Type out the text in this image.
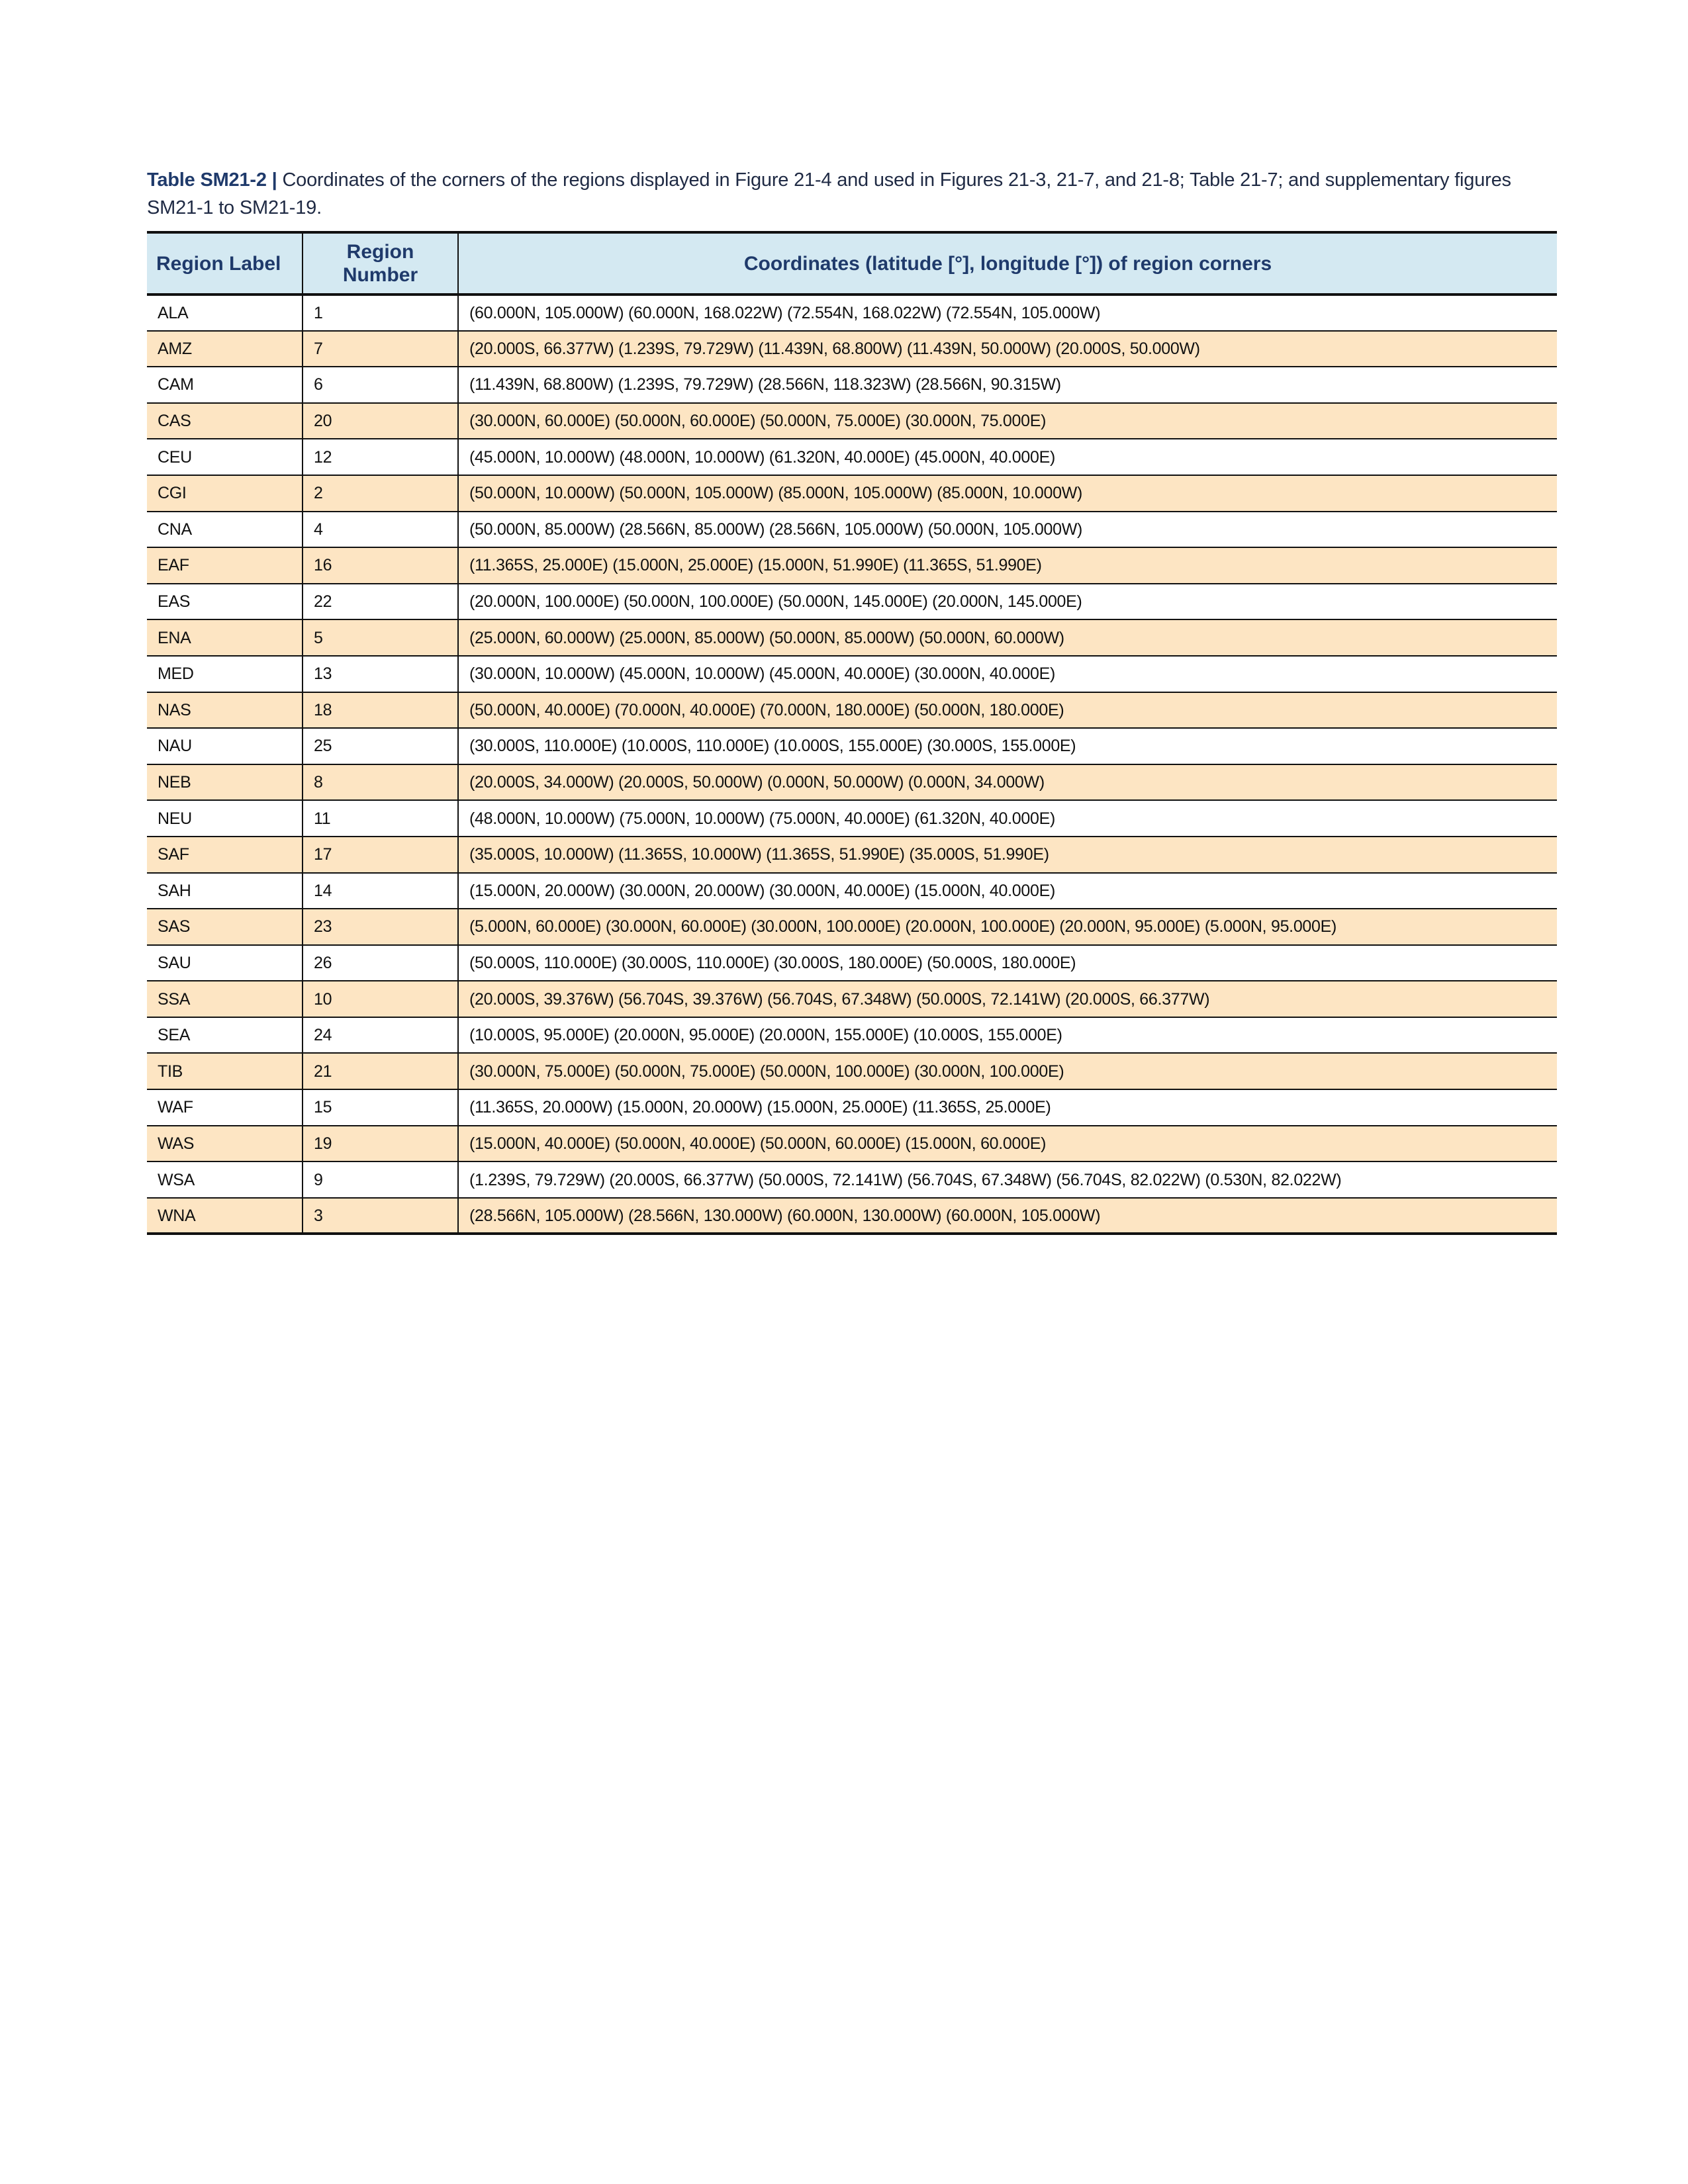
Table SM21-2 | Coordinates of the corners of the regions displayed in Figure 21-4 and used in Figures 21-3, 21-7, and 21-8; Table 21-7; and supplementary figures SM21-1 to SM21-19.

Region Label	Region Number	Coordinates (latitude [°], longitude [°]) of region corners
ALA	1	(60.000N, 105.000W) (60.000N, 168.022W) (72.554N, 168.022W) (72.554N, 105.000W)
AMZ	7	(20.000S, 66.377W) (1.239S, 79.729W) (11.439N, 68.800W) (11.439N, 50.000W) (20.000S, 50.000W)
CAM	6	(11.439N, 68.800W) (1.239S, 79.729W) (28.566N, 118.323W) (28.566N, 90.315W)
CAS	20	(30.000N, 60.000E) (50.000N, 60.000E) (50.000N, 75.000E) (30.000N, 75.000E)
CEU	12	(45.000N, 10.000W) (48.000N, 10.000W) (61.320N, 40.000E) (45.000N, 40.000E)
CGI	2	(50.000N, 10.000W) (50.000N, 105.000W) (85.000N, 105.000W) (85.000N, 10.000W)
CNA	4	(50.000N, 85.000W) (28.566N, 85.000W) (28.566N, 105.000W) (50.000N, 105.000W)
EAF	16	(11.365S, 25.000E) (15.000N, 25.000E) (15.000N, 51.990E) (11.365S, 51.990E)
EAS	22	(20.000N, 100.000E) (50.000N, 100.000E) (50.000N, 145.000E) (20.000N, 145.000E)
ENA	5	(25.000N, 60.000W) (25.000N, 85.000W) (50.000N, 85.000W) (50.000N, 60.000W)
MED	13	(30.000N, 10.000W) (45.000N, 10.000W) (45.000N, 40.000E) (30.000N, 40.000E)
NAS	18	(50.000N, 40.000E) (70.000N, 40.000E) (70.000N, 180.000E) (50.000N, 180.000E)
NAU	25	(30.000S, 110.000E) (10.000S, 110.000E) (10.000S, 155.000E) (30.000S, 155.000E)
NEB	8	(20.000S, 34.000W) (20.000S, 50.000W) (0.000N, 50.000W) (0.000N, 34.000W)
NEU	11	(48.000N, 10.000W) (75.000N, 10.000W) (75.000N, 40.000E) (61.320N, 40.000E)
SAF	17	(35.000S, 10.000W) (11.365S, 10.000W) (11.365S, 51.990E) (35.000S, 51.990E)
SAH	14	(15.000N, 20.000W) (30.000N, 20.000W) (30.000N, 40.000E) (15.000N, 40.000E)
SAS	23	(5.000N, 60.000E) (30.000N, 60.000E) (30.000N, 100.000E) (20.000N, 100.000E) (20.000N, 95.000E) (5.000N, 95.000E)
SAU	26	(50.000S, 110.000E) (30.000S, 110.000E) (30.000S, 180.000E) (50.000S, 180.000E)
SSA	10	(20.000S, 39.376W) (56.704S, 39.376W) (56.704S, 67.348W) (50.000S, 72.141W) (20.000S, 66.377W)
SEA	24	(10.000S, 95.000E) (20.000N, 95.000E) (20.000N, 155.000E) (10.000S, 155.000E)
TIB	21	(30.000N, 75.000E) (50.000N, 75.000E) (50.000N, 100.000E) (30.000N, 100.000E)
WAF	15	(11.365S, 20.000W) (15.000N, 20.000W) (15.000N, 25.000E) (11.365S, 25.000E)
WAS	19	(15.000N, 40.000E) (50.000N, 40.000E) (50.000N, 60.000E) (15.000N, 60.000E)
WSA	9	(1.239S, 79.729W) (20.000S, 66.377W) (50.000S, 72.141W) (56.704S, 67.348W) (56.704S, 82.022W) (0.530N, 82.022W)
WNA	3	(28.566N, 105.000W) (28.566N, 130.000W) (60.000N, 130.000W) (60.000N, 105.000W)
